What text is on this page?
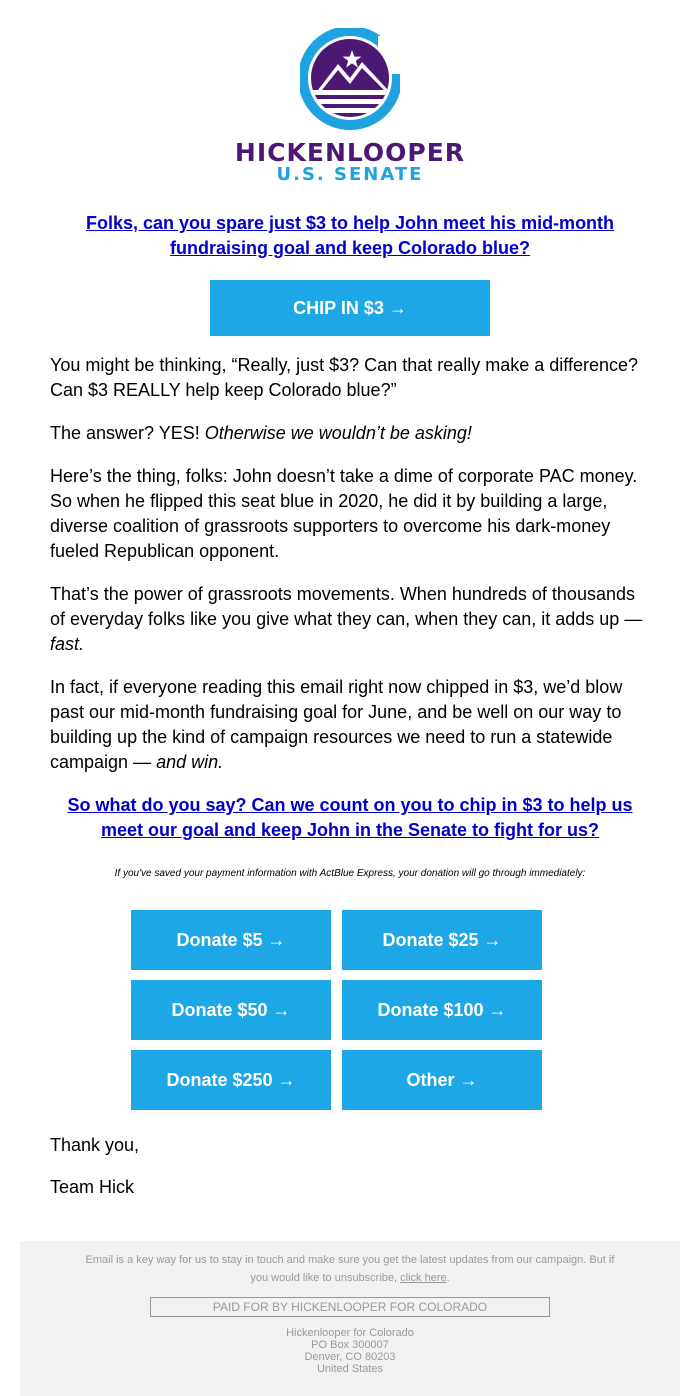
HICKENLOOPER
U.S. SENATE
Folks, can you spare just $3 to help John meet his mid-month fundraising goal and keep Colorado blue?
CHIP IN $3 →

You might be thinking, “Really, just $3? Can that really make a difference? Can $3 REALLY help keep Colorado blue?”

The answer? YES! Otherwise we wouldn’t be asking!

Here’s the thing, folks: John doesn’t take a dime of corporate PAC money. So when he flipped this seat blue in 2020, he did it by building a large, diverse coalition of grassroots supporters to overcome his dark-money fueled Republican opponent.

That’s the power of grassroots movements. When hundreds of thousands of everyday folks like you give what they can, when they can, it adds up — fast.

In fact, if everyone reading this email right now chipped in $3, we’d blow past our mid-month fundraising goal for June, and be well on our way to building up the kind of campaign resources we need to run a statewide campaign — and win.

So what do you say? Can we count on you to chip in $3 to help us meet our goal and keep John in the Senate to fight for us?
If you've saved your payment information with ActBlue Express, your donation will go through immediately:
Donate $5 →	Donate $25 →
Donate $50 →	Donate $100 →
Donate $250 →	Other →
Thank you,
Team Hick
Email is a key way for us to stay in touch and make sure you get the latest updates from our campaign. But if you would like to unsubscribe, click here.
PAID FOR BY HICKENLOOPER FOR COLORADO
Hickenlooper for Colorado
PO Box 300007
Denver, CO 80203
United States
